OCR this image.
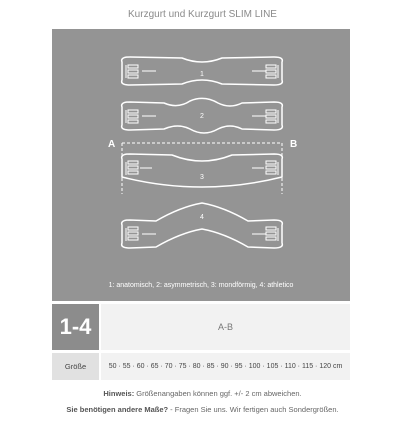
Kurzgurt und Kurzgurt SLIM LINE
A	B
1
2
3
4
1: anatomisch, 2: asymmetrisch, 3: mondförmig, 4: athletico
1-4	A-B
Größe	50 · 55 · 60 · 65 · 70 · 75 · 80 · 85 · 90 · 95 · 100 · 105 · 110 · 115 · 120 cm
Hinweis: Größenangaben können ggf. +/- 2 cm abweichen.
Sie benötigen andere Maße? - Fragen Sie uns. Wir fertigen auch Sondergrößen.
